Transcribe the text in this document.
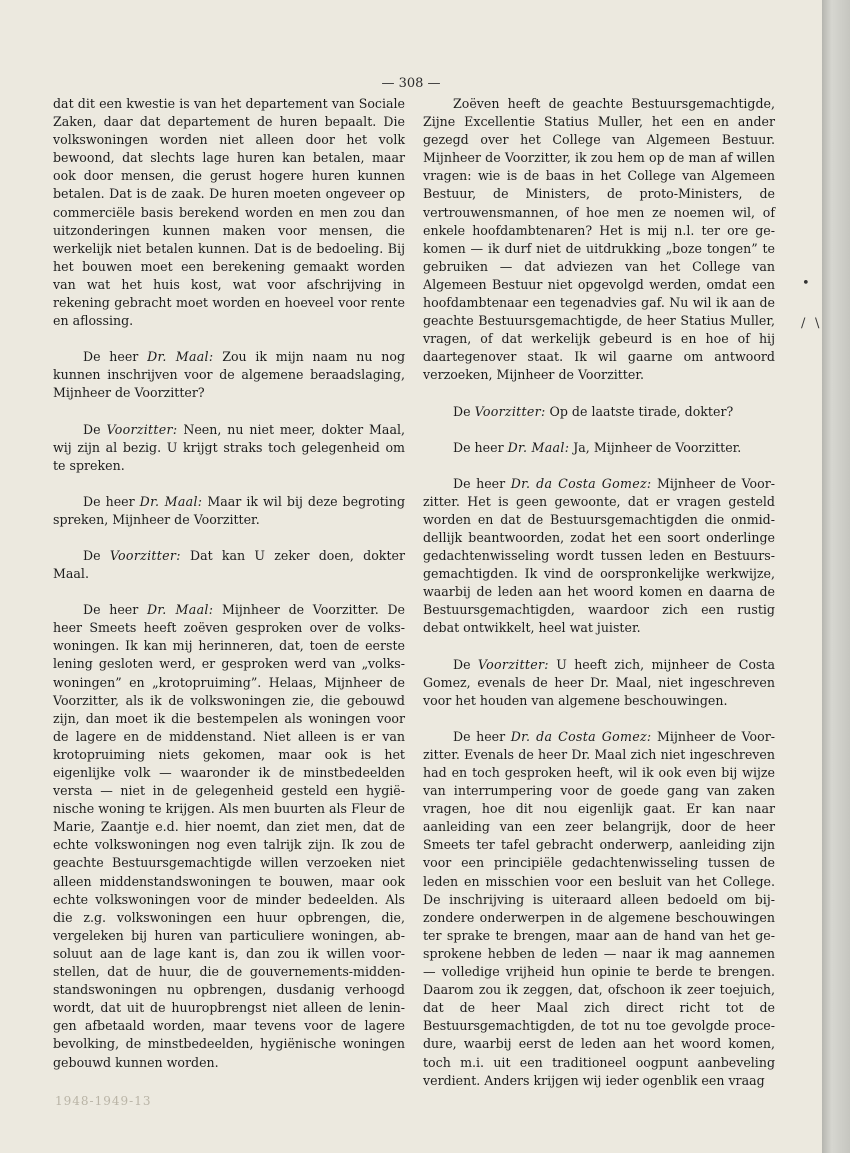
— 308 —

dat dit een kwestie is van het departement van Sociale Zaken, daar dat departement de huren bepaalt. Die volkswoningen worden niet alleen door het volk bewoond, dat slechts lage huren kan betalen, maar ook door mensen, die gerust hogere huren kunnen betalen. Dat is de zaak. De huren moeten ongeveer op commerciële basis berekend worden en men zou dan uitzonderingen kunnen maken voor mensen, die werkelijk niet betalen kunnen. Dat is de bedoeling. Bij het bouwen moet een berekening gemaakt worden van wat het huis kost, wat voor afschrijving in rekening gebracht moet worden en hoeveel voor rente en aflossing.

De heer Dr. Maal: Zou ik mijn naam nu nog kunnen inschrijven voor de algemene beraadslaging, Mijnheer de Voorzitter?

De Voorzitter: Neen, nu niet meer, dokter Maal, wij zijn al bezig. U krijgt straks toch gelegenheid om te spreken.

De heer Dr. Maal: Maar ik wil bij deze begroting spreken, Mijnheer de Voorzitter.

De Voorzitter: Dat kan U zeker doen, dokter Maal.

De heer Dr. Maal: Mijnheer de Voorzitter. De heer Smeets heeft zoëven gesproken over de volkswoningen. Ik kan mij herinneren, dat, toen de eerste lening gesloten werd, er gesproken werd van „volkswoningen” en „krotopruiming”. Helaas, Mijnheer de Voorzitter, als ik de volkswoningen zie, die gebouwd zijn, dan moet ik die bestempelen als woningen voor de lagere en de middenstand. Niet alleen is er van krotopruiming niets gekomen, maar ook is het eigenlijke volk — waaronder ik de minstbedeelden versta — niet in de gelegenheid gesteld een hygiënische woning te krijgen. Als men buurten als Fleur de Marie, Zaantje e.d. hier noemt, dan ziet men, dat de echte volkswoningen nog even talrijk zijn. Ik zou de geachte Bestuursgemachtigde willen verzoeken niet alleen middenstandswoningen te bouwen, maar ook echte volkswoningen voor de minder bedeelden. Als die z.g. volkswoningen een huur opbrengen, die, vergeleken bij huren van particuliere woningen, absoluut aan de lage kant is, dan zou ik willen voorstellen, dat de huur, die de gouvernements-middenstandswoningen nu opbrengen, dusdanig verhoogd wordt, dat uit de huuropbrengst niet alleen de leningen afbetaald worden, maar tevens voor de lagere bevolking, de minstbedeelden, hygiënische woningen gebouwd kunnen worden.

Zoëven heeft de geachte Bestuursgemachtigde, Zijne Excellentie Statius Muller, het een en ander gezegd over het College van Algemeen Bestuur. Mijnheer de Voorzitter, ik zou hem op de man af willen vragen: wie is de baas in het College van Algemeen Bestuur, de Ministers, de proto-Ministers, de vertrouwensmannen, of hoe men ze noemen wil, of enkele hoofdambtenaren? Het is mij n.l. ter ore gekomen — ik durf niet de uitdrukking „boze tongen” te gebruiken — dat adviezen van het College van Algemeen Bestuur niet opgevolgd werden, omdat een hoofdambtenaar een tegenadvies gaf. Nu wil ik aan de geachte Bestuursgemachtigde, de heer Statius Muller, vragen, of dat werkelijk gebeurd is en hoe of hij daartegenover staat. Ik wil gaarne om antwoord verzoeken, Mijnheer de Voorzitter.

De Voorzitter: Op de laatste tirade, dokter?

De heer Dr. Maal: Ja, Mijnheer de Voorzitter.

De heer Dr. da Costa Gomez: Mijnheer de Voorzitter. Het is geen gewoonte, dat er vragen gesteld worden en dat de Bestuursgemachtigden die onmiddellijk beantwoorden, zodat het een soort onderlinge gedachtenwisseling wordt tussen leden en Bestuursgemachtigden. Ik vind de oorspronkelijke werkwijze, waarbij de leden aan het woord komen en daarna de Bestuursgemachtigden, waardoor zich een rustig debat ontwikkelt, heel wat juister.

De Voorzitter: U heeft zich, mijnheer de Costa Gomez, evenals de heer Dr. Maal, niet ingeschreven voor het houden van algemene beschouwingen.

De heer Dr. da Costa Gomez: Mijnheer de Voorzitter. Evenals de heer Dr. Maal zich niet ingeschreven had en toch gesproken heeft, wil ik ook even bij wijze van interrumpering voor de goede gang van zaken vragen, hoe dit nou eigenlijk gaat. Er kan naar aanleiding van een zeer belangrijk, door de heer Smeets ter tafel gebracht onderwerp, aanleiding zijn voor een principiële gedachtenwisseling tussen de leden en misschien voor een besluit van het College. De inschrijving is uiteraard alleen bedoeld om bijzondere onderwerpen in de algemene beschouwingen ter sprake te brengen, maar aan de hand van het gesprokene hebben de leden — naar ik mag aannemen — volledige vrijheid hun opinie te berde te brengen. Daarom zou ik zeggen, dat, ofschoon ik zeer toejuich, dat de heer Maal zich direct richt tot de Bestuursgemachtigden, de tot nu toe gevolgde procedure, waarbij eerst de leden aan het woord komen, toch m.i. uit een traditioneel oogpunt aanbeveling verdient. Anders krijgen wij ieder ogenblik een vraag

•
/ \
1948-1949-13
